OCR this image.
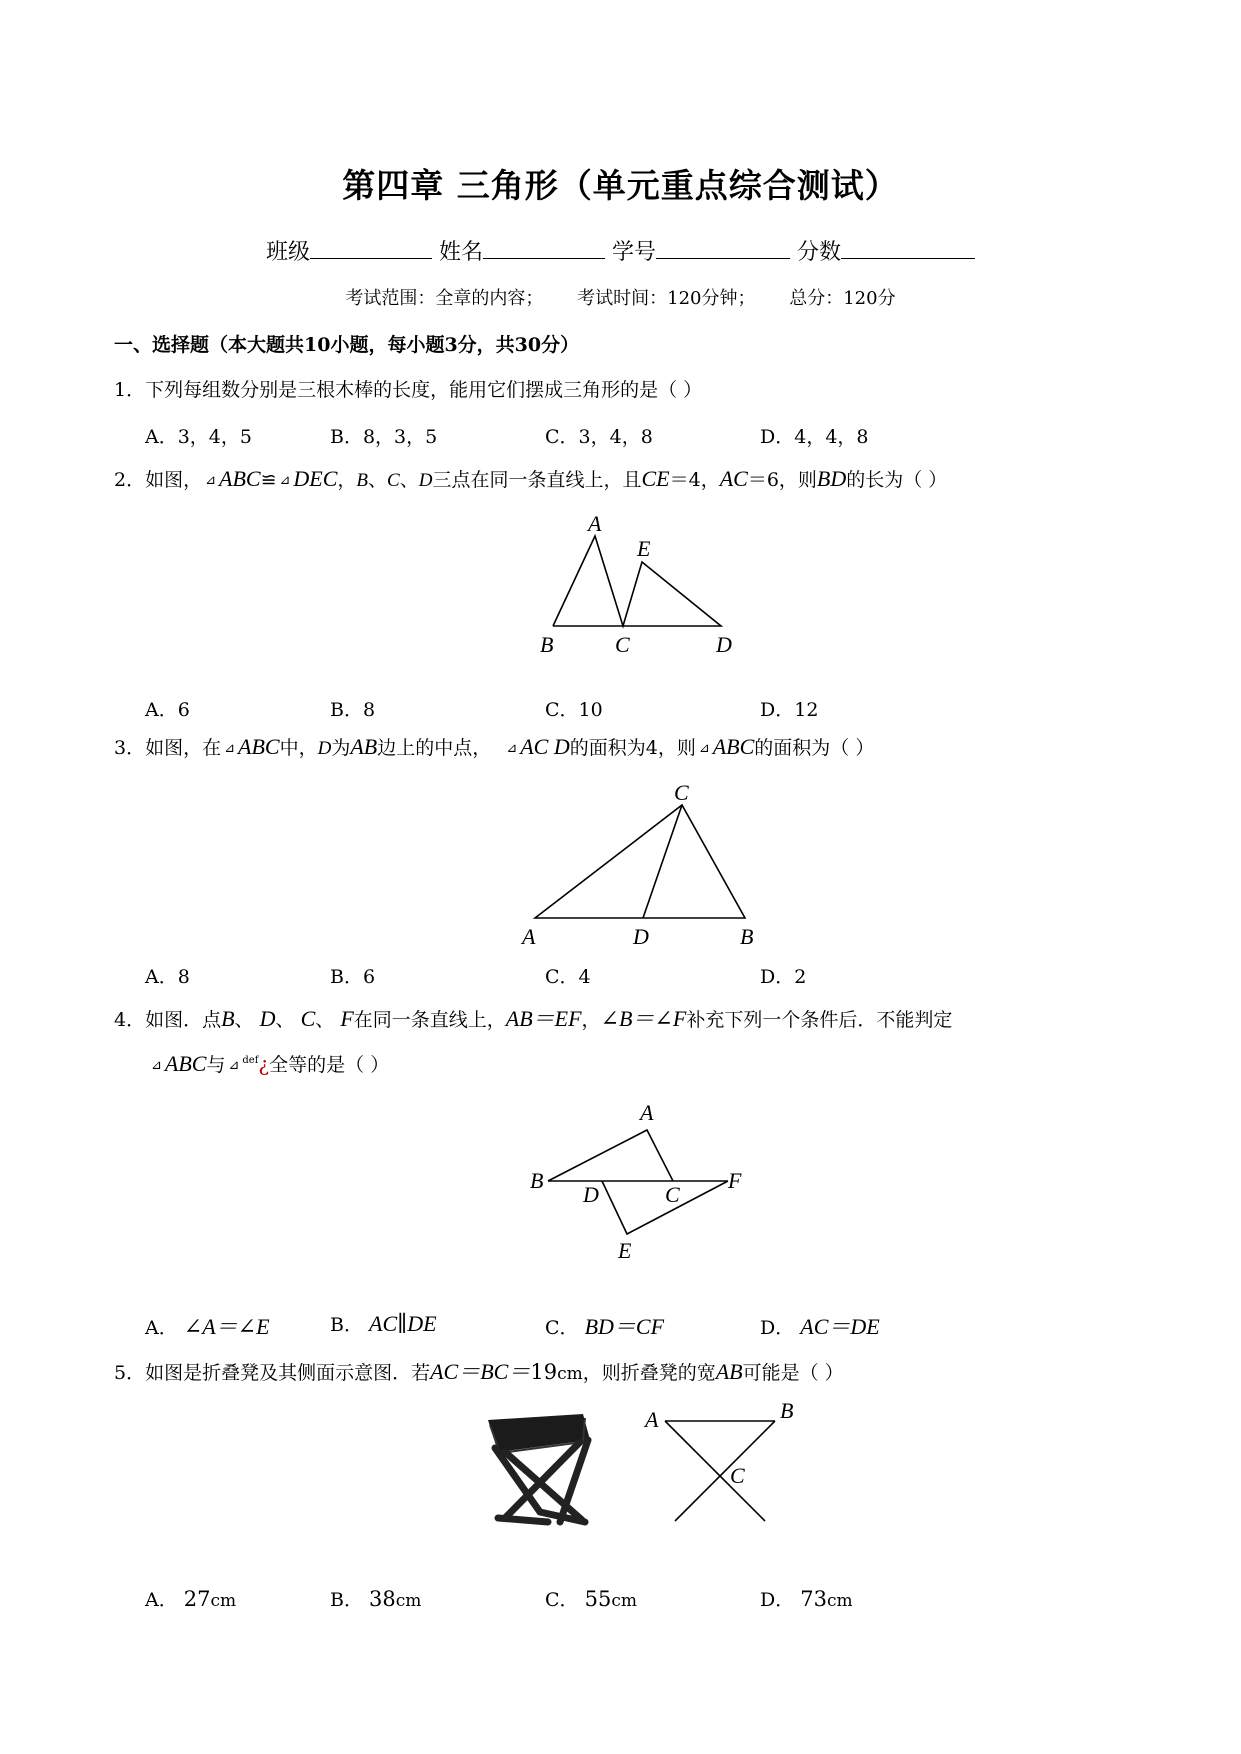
第四章 三角形（单元重点综合测试）
班级	姓名	学号	分数
考试范围：全章的内容； 考试时间：120分钟； 总分：120分
一、选择题（本大题共10小题，每小题3分，共30分）
1．下列每组数分别是三根木棒的长度，能用它们摆成三角形的是（ ）
A．3，4，5	B．8，3，5	C．3，4，8	D．4，4，8
2．如图， ⊿ ABC≌ ⊿ DEC，B、C、D三点在同一条直线上，且CE＝4，AC＝6，则BD的长为（ ）
A
E
B	C	D
A．6	B．8	C．10	D．12
3．如图，在 ⊿ ABC中，D为AB边上的中点， ⊿ AC D的面积为4，则 ⊿ ABC的面积为（ ）
C
A	D	B
A．8	B．6	C．4	D．2
4．如图．点B、 D、 C、 F在同一条直线上，AB＝EF，∠B＝∠F补充下列一个条件后．不能判定
⊿ ABC与 ⊿ $^{def}$¿全等的是（ ）
A
B
D	C
F
E
A． ∠A＝∠E	B． AC∥DE	C． BD＝CF	D． AC＝DE
5．如图是折叠凳及其侧面示意图．若AC＝BC＝19cm，则折叠凳的宽AB可能是（ ）
A	B
C
A． 27cm	B． 38cm	C． 55cm	D． 73cm
